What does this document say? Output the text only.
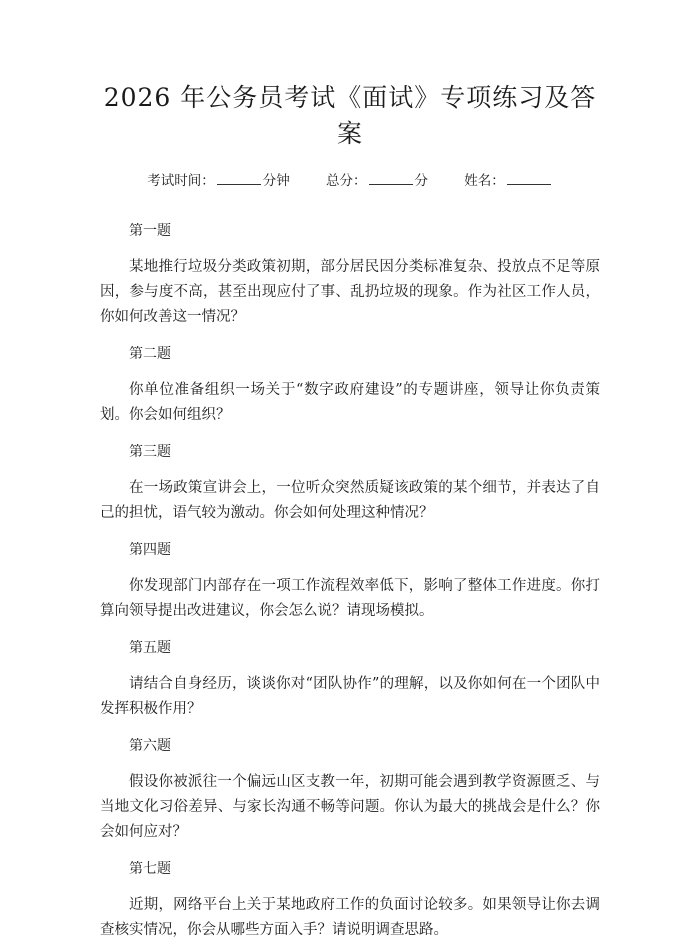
2026 年公务员考试《面试》专项练习及答案
考试时间：	分钟	总分：	分	姓名：

第一题

某地推行垃圾分类政策初期，部分居民因分类标准复杂、投放点不足等原因，参与度不高，甚至出现应付了事、乱扔垃圾的现象。作为社区工作人员，你如何改善这一情况？

第二题

你单位准备组织一场关于“数字政府建设”的专题讲座，领导让你负责策划。你会如何组织？

第三题

在一场政策宣讲会上，一位听众突然质疑该政策的某个细节，并表达了自己的担忧，语气较为激动。你会如何处理这种情况？

第四题

你发现部门内部存在一项工作流程效率低下，影响了整体工作进度。你打算向领导提出改进建议，你会怎么说？请现场模拟。

第五题

请结合自身经历，谈谈你对“团队协作”的理解，以及你如何在一个团队中发挥积极作用？

第六题

假设你被派往一个偏远山区支教一年，初期可能会遇到教学资源匮乏、与当地文化习俗差异、与家长沟通不畅等问题。你认为最大的挑战会是什么？你会如何应对？

第七题

近期，网络平台上关于某地政府工作的负面讨论较多。如果领导让你去调查核实情况，你会从哪些方面入手？请说明调查思路。
